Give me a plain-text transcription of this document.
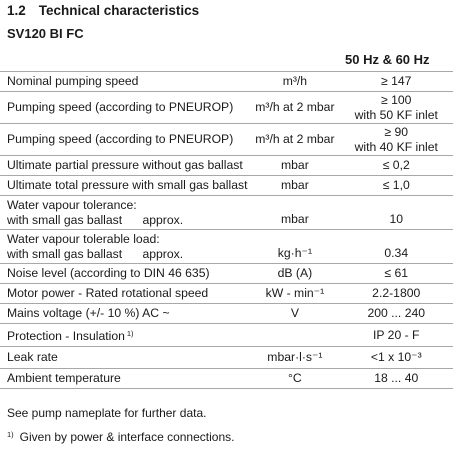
1.2 Technical characteristics
SV120 BI FC
50 Hz & 60 Hz
Nominal pumping speed	m³/h	≥ 147
Pumping speed (according to PNEUROP)	m³/h at 2 mbar	≥ 100
with 50 KF inlet

Pumping speed (according to PNEUROP)	m³/h at 2 mbar	≥ 90
with 40 KF inlet

Ultimate partial pressure without gas ballast	mbar	≤ 0,2
Ultimate total pressure with small gas ballast	mbar	≤ 1,0
Water vapour tolerance:
with small gas ballast      approx.	mbar	10
Water vapour tolerable load:
with small gas ballast      approx.	kg·h⁻¹	0.34
Noise level (according to DIN 46 635)	dB (A)	≤ 61
Motor power - Rated rotational speed	kW - min⁻¹	2.2-1800
Mains voltage (+/- 10 %) AC ~	V	200 ... 240
Protection - Insulation $^{1)}$		IP 20 - F
Leak rate	mbar·l·s⁻¹	<1 x 10⁻³
Ambient temperature	°C	18 ... 40
See pump nameplate for further data.
$^{1)}$ Given by power & interface connections.
